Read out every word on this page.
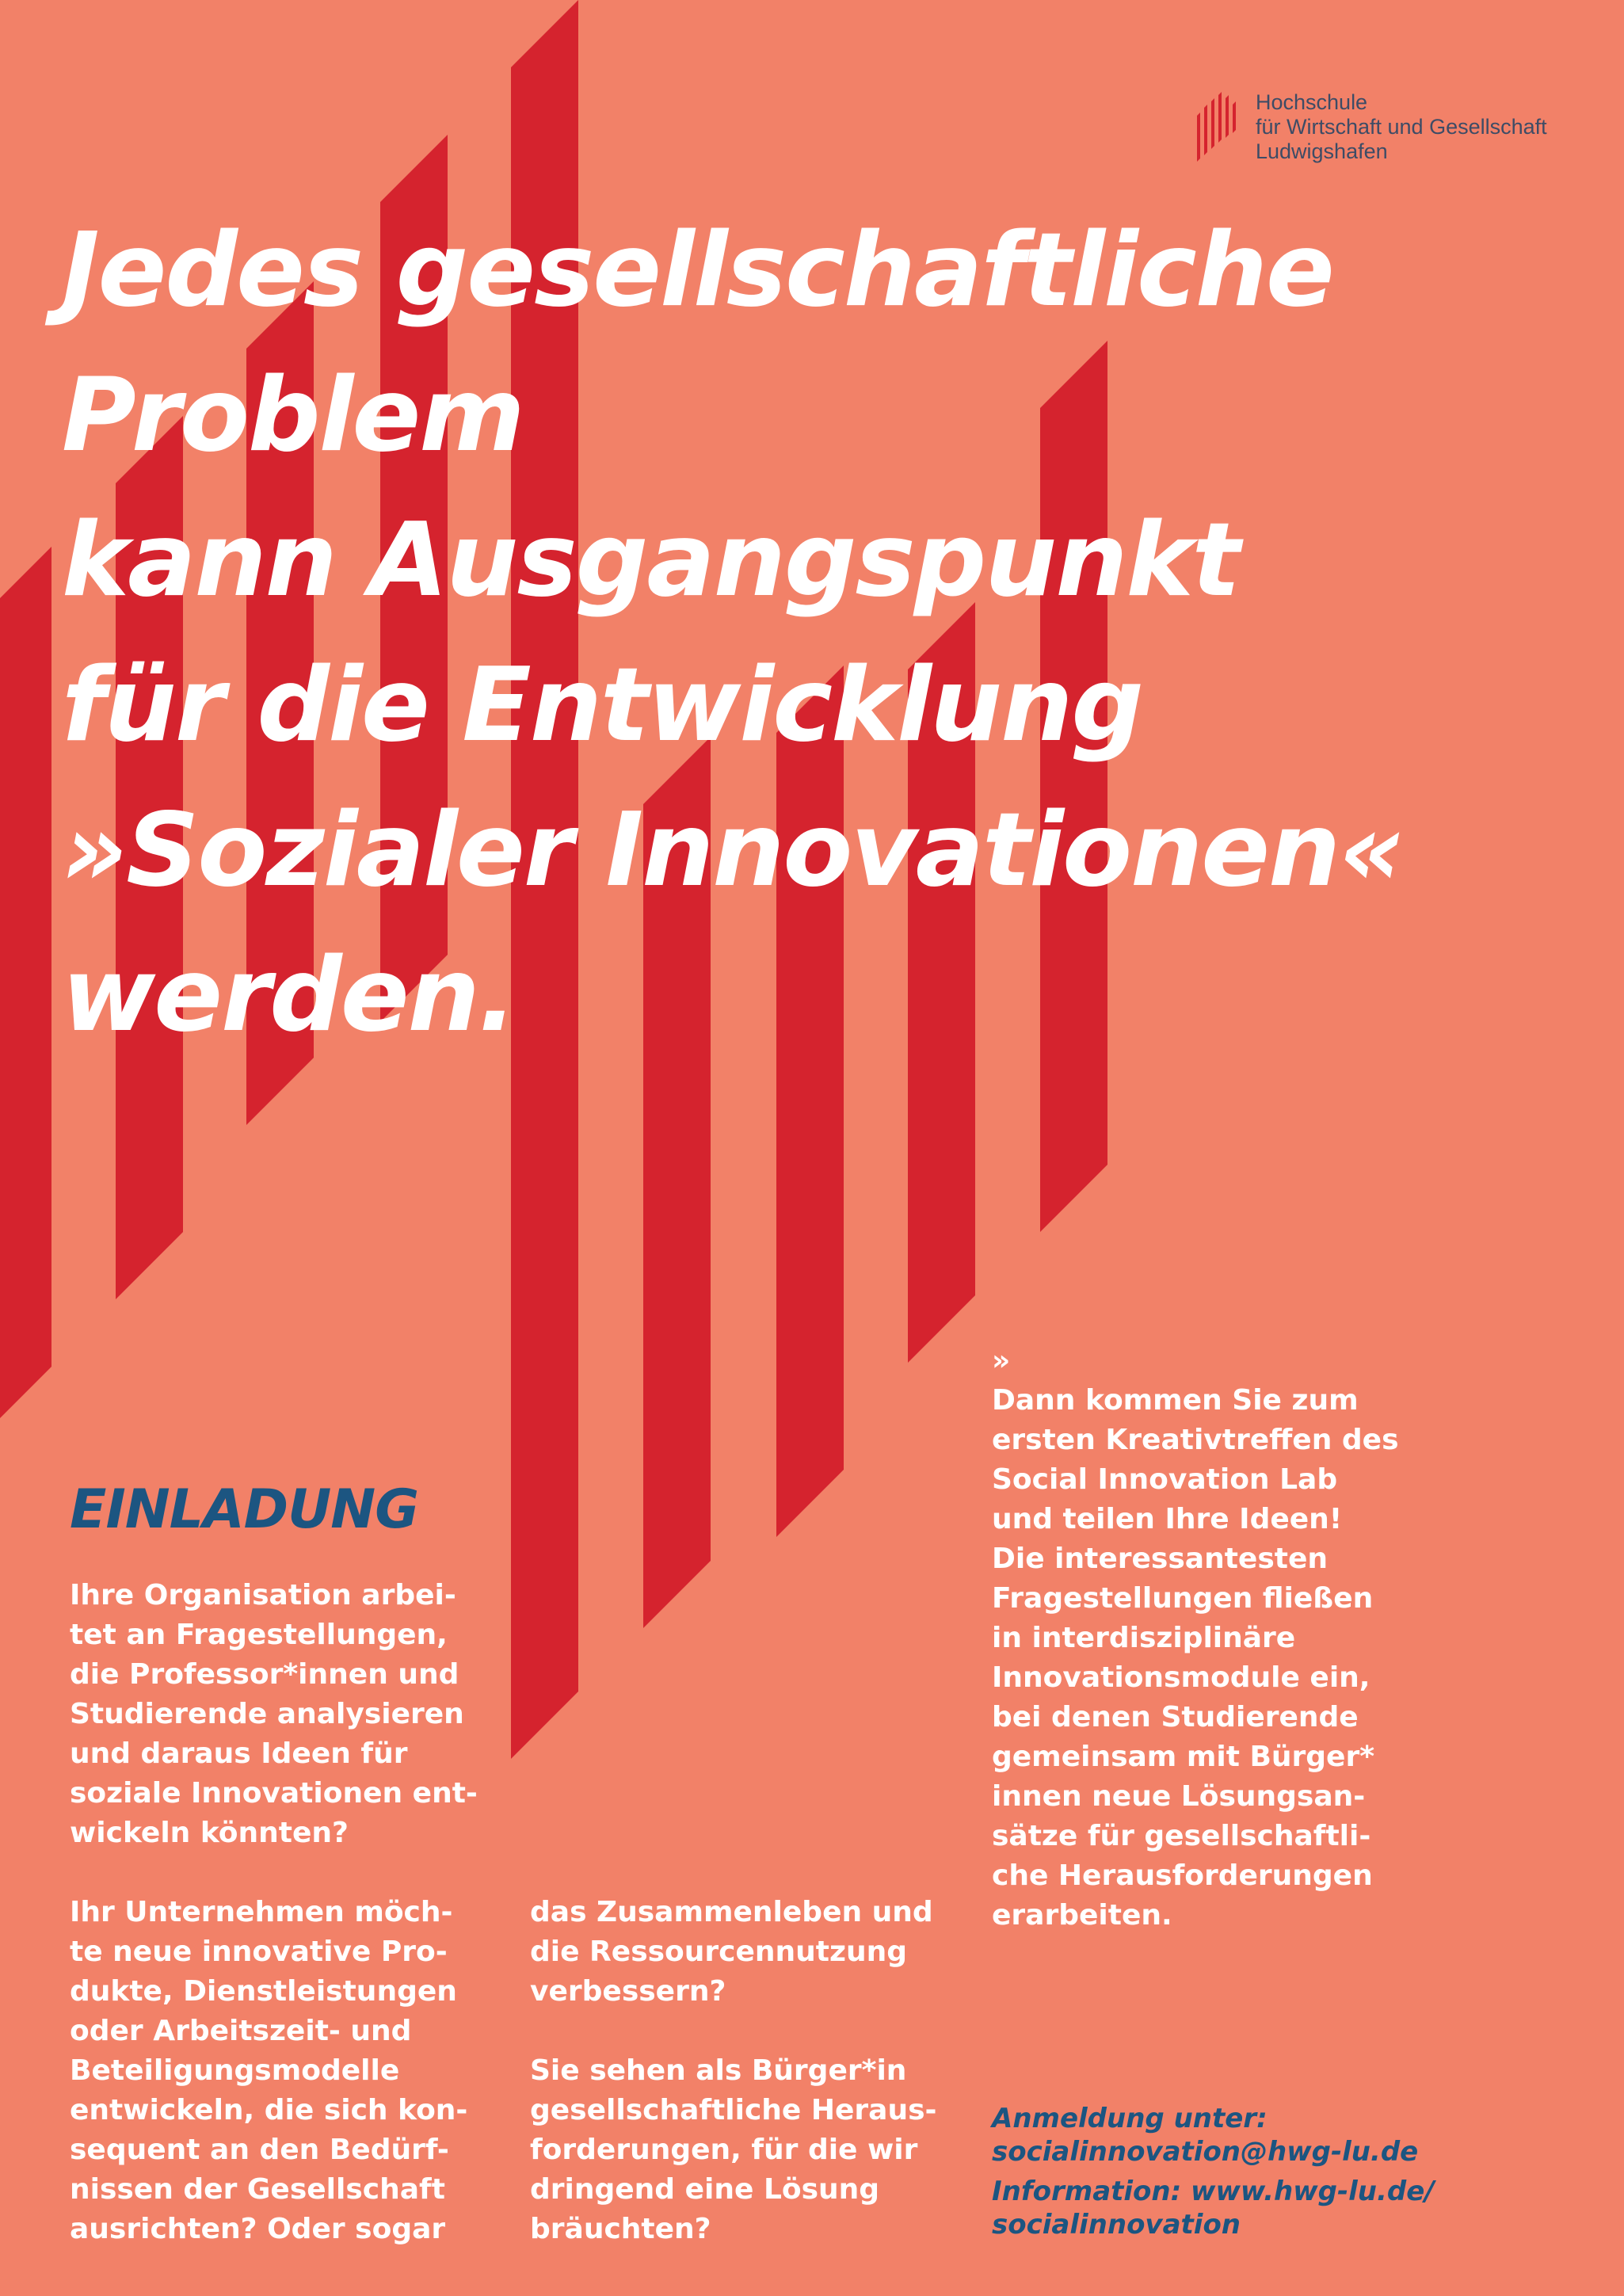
Hochschule
für Wirtschaft und Gesellschaft
Ludwigshafen
Jedes gesellschaftliche
Problem
kann Ausgangspunkt
für die Entwicklung
»Sozialer Innovationen«
werden.
EINLADUNG

Ihre Organisation arbei-
tet an Fragestellungen,
die Professor*innen und
Studierende analysieren
und daraus Ideen für
soziale Innovationen ent-
wickeln könnten?

Ihr Unternehmen möch-
te neue innovative Pro-
dukte, Dienstleistungen
oder Arbeitszeit- und
Beteiligungsmodelle
entwickeln, die sich kon-
sequent an den Bedürf-
nissen der Gesellschaft
ausrichten? Oder sogar

das Zusammenleben und
die Ressourcennutzung
verbessern?

Sie sehen als Bürger*in
gesellschaftliche Heraus-
forderungen, für die wir
dringend eine Lösung
bräuchten?

»
Dann kommen Sie zum
ersten Kreativtreffen des
Social Innovation Lab
und teilen Ihre Ideen!
Die interessantesten
Fragestellungen fließen
in interdisziplinäre
Innovationsmodule ein,
bei denen Studierende
gemeinsam mit Bürger*
innen neue Lösungsan-
sätze für gesellschaftli-
che Herausforderungen
erarbeiten.

Anmeldung unter:
socialinnovation@hwg-lu.de
Information: www.hwg-lu.de/
socialinnovation
